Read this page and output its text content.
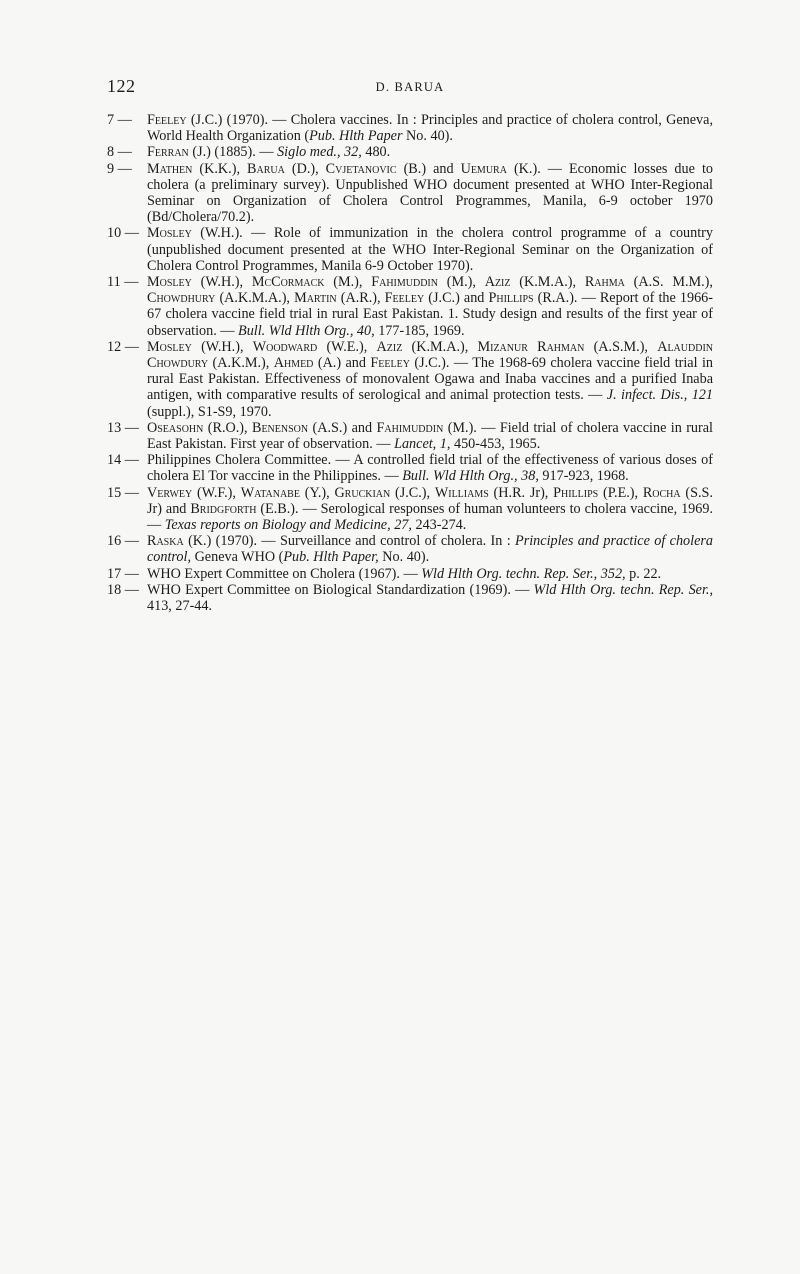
122	D. BARUA
7 —	Feeley (J.C.) (1970). — Cholera vaccines. In : Principles and practice of cholera control, Geneva, World Health Organization (Pub. Hlth Paper No. 40).
8 —	Ferran (J.) (1885). — Siglo med., 32, 480.
9 —	Mathen (K.K.), Barua (D.), Cvjetanovic (B.) and Uemura (K.). — Economic losses due to cholera (a preliminary survey). Unpublished WHO document presented at WHO Inter-Regional Seminar on Organization of Cholera Control Programmes, Manila, 6-9 october 1970 (Bd/Cholera/70.2).
10 — Mosley (W.H.). — Role of immunization in the cholera control programme of a country (unpublished document presented at the WHO Inter-Regional Seminar on the Organization of Cholera Control Programmes, Manila 6-9 October 1970).
11 — Mosley (W.H.), McCormack (M.), Fahimuddin (M.), Aziz (K.M.A.), Rahma (A.S. M.M.), Chowdhury (A.K.M.A.), Martin (A.R.), Feeley (J.C.) and Phillips (R.A.). — Report of the 1966-67 cholera vaccine field trial in rural East Pakistan. 1. Study design and results of the first year of observation. — Bull. Wld Hlth Org., 40, 177-185, 1969.
12 — Mosley (W.H.), Woodward (W.E.), Aziz (K.M.A.), Mizanur Rahman (A.S.M.), Alauddin Chowdury (A.K.M.), Ahmed (A.) and Feeley (J.C.). — The 1968-69 cholera vaccine field trial in rural East Pakistan. Effectiveness of monovalent Ogawa and Inaba vaccines and a purified Inaba antigen, with comparative results of serological and animal protection tests. — J. infect. Dis., 121 (suppl.), S1-S9, 1970.
13 — Oseasohn (R.O.), Benenson (A.S.) and Fahimuddin (M.). — Field trial of cholera vaccine in rural East Pakistan. First year of observation. — Lancet, 1, 450-453, 1965.
14 — Philippines Cholera Committee. — A controlled field trial of the effectiveness of various doses of cholera El Tor vaccine in the Philippines. — Bull. Wld Hlth Org., 38, 917-923, 1968.
15 — Verwey (W.F.), Watanabe (Y.), Gruckian (J.C.), Williams (H.R. Jr), Phillips (P.E.), Rocha (S.S. Jr) and Bridgforth (E.B.). — Serological responses of human volunteers to cholera vaccine, 1969. — Texas reports on Biology and Medicine, 27, 243-274.
16 — Raska (K.) (1970). — Surveillance and control of cholera. In : Principles and practice of cholera control, Geneva WHO (Pub. Hlth Paper, No. 40).
17 — WHO Expert Committee on Cholera (1967). — Wld Hlth Org. techn. Rep. Ser., 352, p. 22.
18 — WHO Expert Committee on Biological Standardization (1969). — Wld Hlth Org. techn. Rep. Ser., 413, 27-44.
